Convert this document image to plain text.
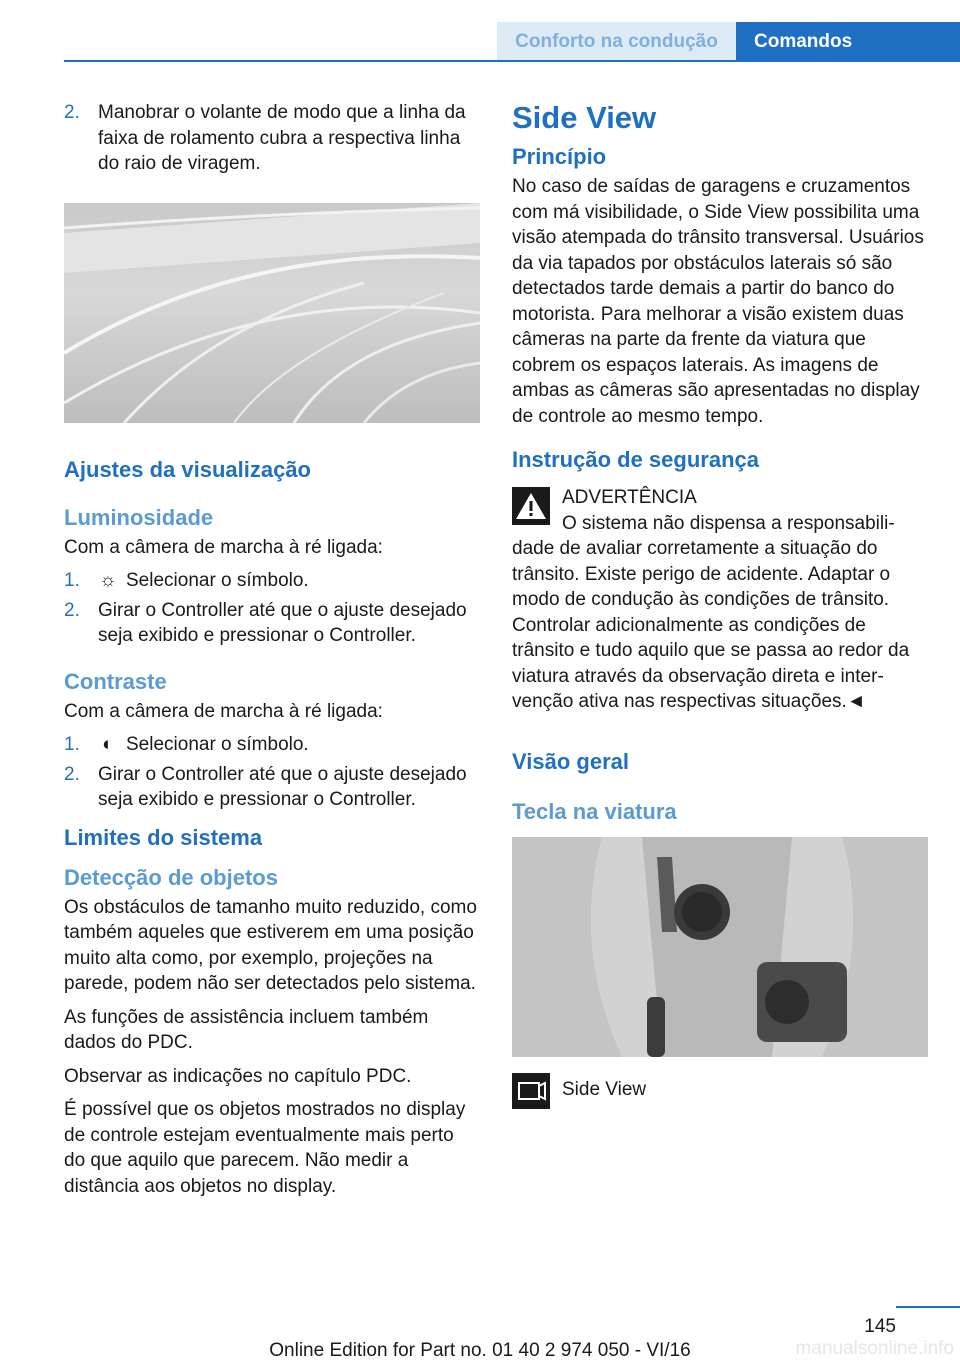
Conforto na condução	Comandos
2. Manobrar o volante de modo que a linha da faixa de rolamento cubra a respectiva linha do raio de viragem.
Ajustes da visualização
Luminosidade

Com a câmera de marcha à ré ligada:

1. ☼ Selecionar o símbolo.
2. Girar o Controller até que o ajuste desejado seja exibido e pressionar o Controller.
Contraste

Com a câmera de marcha à ré ligada:

1. ◐ Selecionar o símbolo.
2. Girar o Controller até que o ajuste desejado seja exibido e pressionar o Controller.
Limites do sistema
Detecção de objetos

Os obstáculos de tamanho muito reduzido, como também aqueles que estiverem em uma posição muito alta como, por exemplo, projeções na parede, podem não ser detectados pelo sistema.

As funções de assistência incluem também dados do PDC.

Observar as indicações no capítulo PDC.

É possível que os objetos mostrados no display de controle estejam eventualmente mais perto do que aquilo que parecem. Não medir a distância aos objetos no display.

Side View
Princípio

No caso de saídas de garagens e cruzamentos com má visibilidade, o Side View possibilita uma visão atempada do trânsito transversal. Usuários da via tapados por obstáculos laterais só são detectados tarde demais a partir do banco do motorista. Para melhorar a visão existem duas câmeras na parte da frente da viatura que cobrem os espaços laterais. As imagens de ambas as câmeras são apresentadas no display de controle ao mesmo tempo.

Instrução de segurança
ADVERTÊNCIA
O sistema não dispensa a responsabilidade de avaliar corretamente a situação do trânsito. Existe perigo de acidente. Adaptar o modo de condução às condições de trânsito. Controlar adicionalmente as condições de trânsito e tudo aquilo que se passa ao redor da viatura através da observação direta e intervenção ativa nas respectivas situações.◄
Visão geral
Tecla na viatura
Side View
145
Online Edition for Part no. 01 40 2 974 050 - VI/16	manualsonline.info
